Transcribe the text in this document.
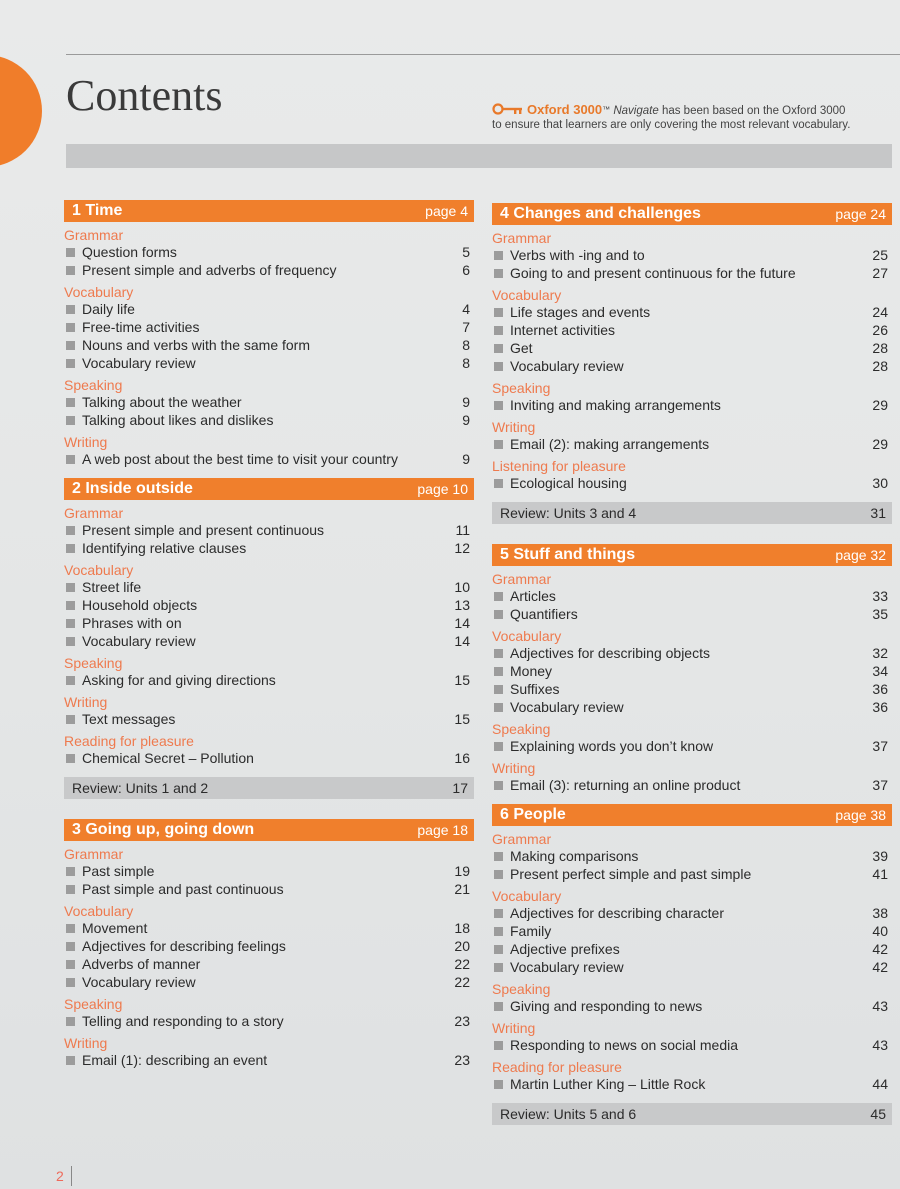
Contents	Oxford 3000™ Navigate has been based on the Oxford 3000
to ensure that learners are only covering the most relevant vocabulary.
1 Time	page 4
Grammar
Question forms	5
Present simple and adverbs of frequency	6
Vocabulary
Daily life	4
Free-time activities	7
Nouns and verbs with the same form	8
Vocabulary review	8
Speaking
Talking about the weather	9
Talking about likes and dislikes	9
Writing
A web post about the best time to visit your country	9
2 Inside outside	page 10
Grammar
Present simple and present continuous	11
Identifying relative clauses	12
Vocabulary
Street life	10
Household objects	13
Phrases with on	14
Vocabulary review	14
Speaking
Asking for and giving directions	15
Writing
Text messages	15
Reading for pleasure
Chemical Secret – Pollution	16
Review: Units 1 and 2	17
3 Going up, going down	page 18
Grammar
Past simple	19
Past simple and past continuous	21
Vocabulary
Movement	18
Adjectives for describing feelings	20
Adverbs of manner	22
Vocabulary review	22
Speaking
Telling and responding to a story	23
Writing
Email (1): describing an event	23
4 Changes and challenges	page 24
Grammar
Verbs with -ing and to	25
Going to and present continuous for the future	27
Vocabulary
Life stages and events	24
Internet activities	26
Get	28
Vocabulary review	28
Speaking
Inviting and making arrangements	29
Writing
Email (2): making arrangements	29
Listening for pleasure
Ecological housing	30
Review: Units 3 and 4	31
5 Stuff and things	page 32
Grammar
Articles	33
Quantifiers	35
Vocabulary
Adjectives for describing objects	32
Money	34
Suffixes	36
Vocabulary review	36
Speaking
Explaining words you don’t know	37
Writing
Email (3): returning an online product	37
6 People	page 38
Grammar
Making comparisons	39
Present perfect simple and past simple	41
Vocabulary
Adjectives for describing character	38
Family	40
Adjective prefixes	42
Vocabulary review	42
Speaking
Giving and responding to news	43
Writing
Responding to news on social media	43
Reading for pleasure
Martin Luther King – Little Rock	44
Review: Units 5 and 6	45
2
